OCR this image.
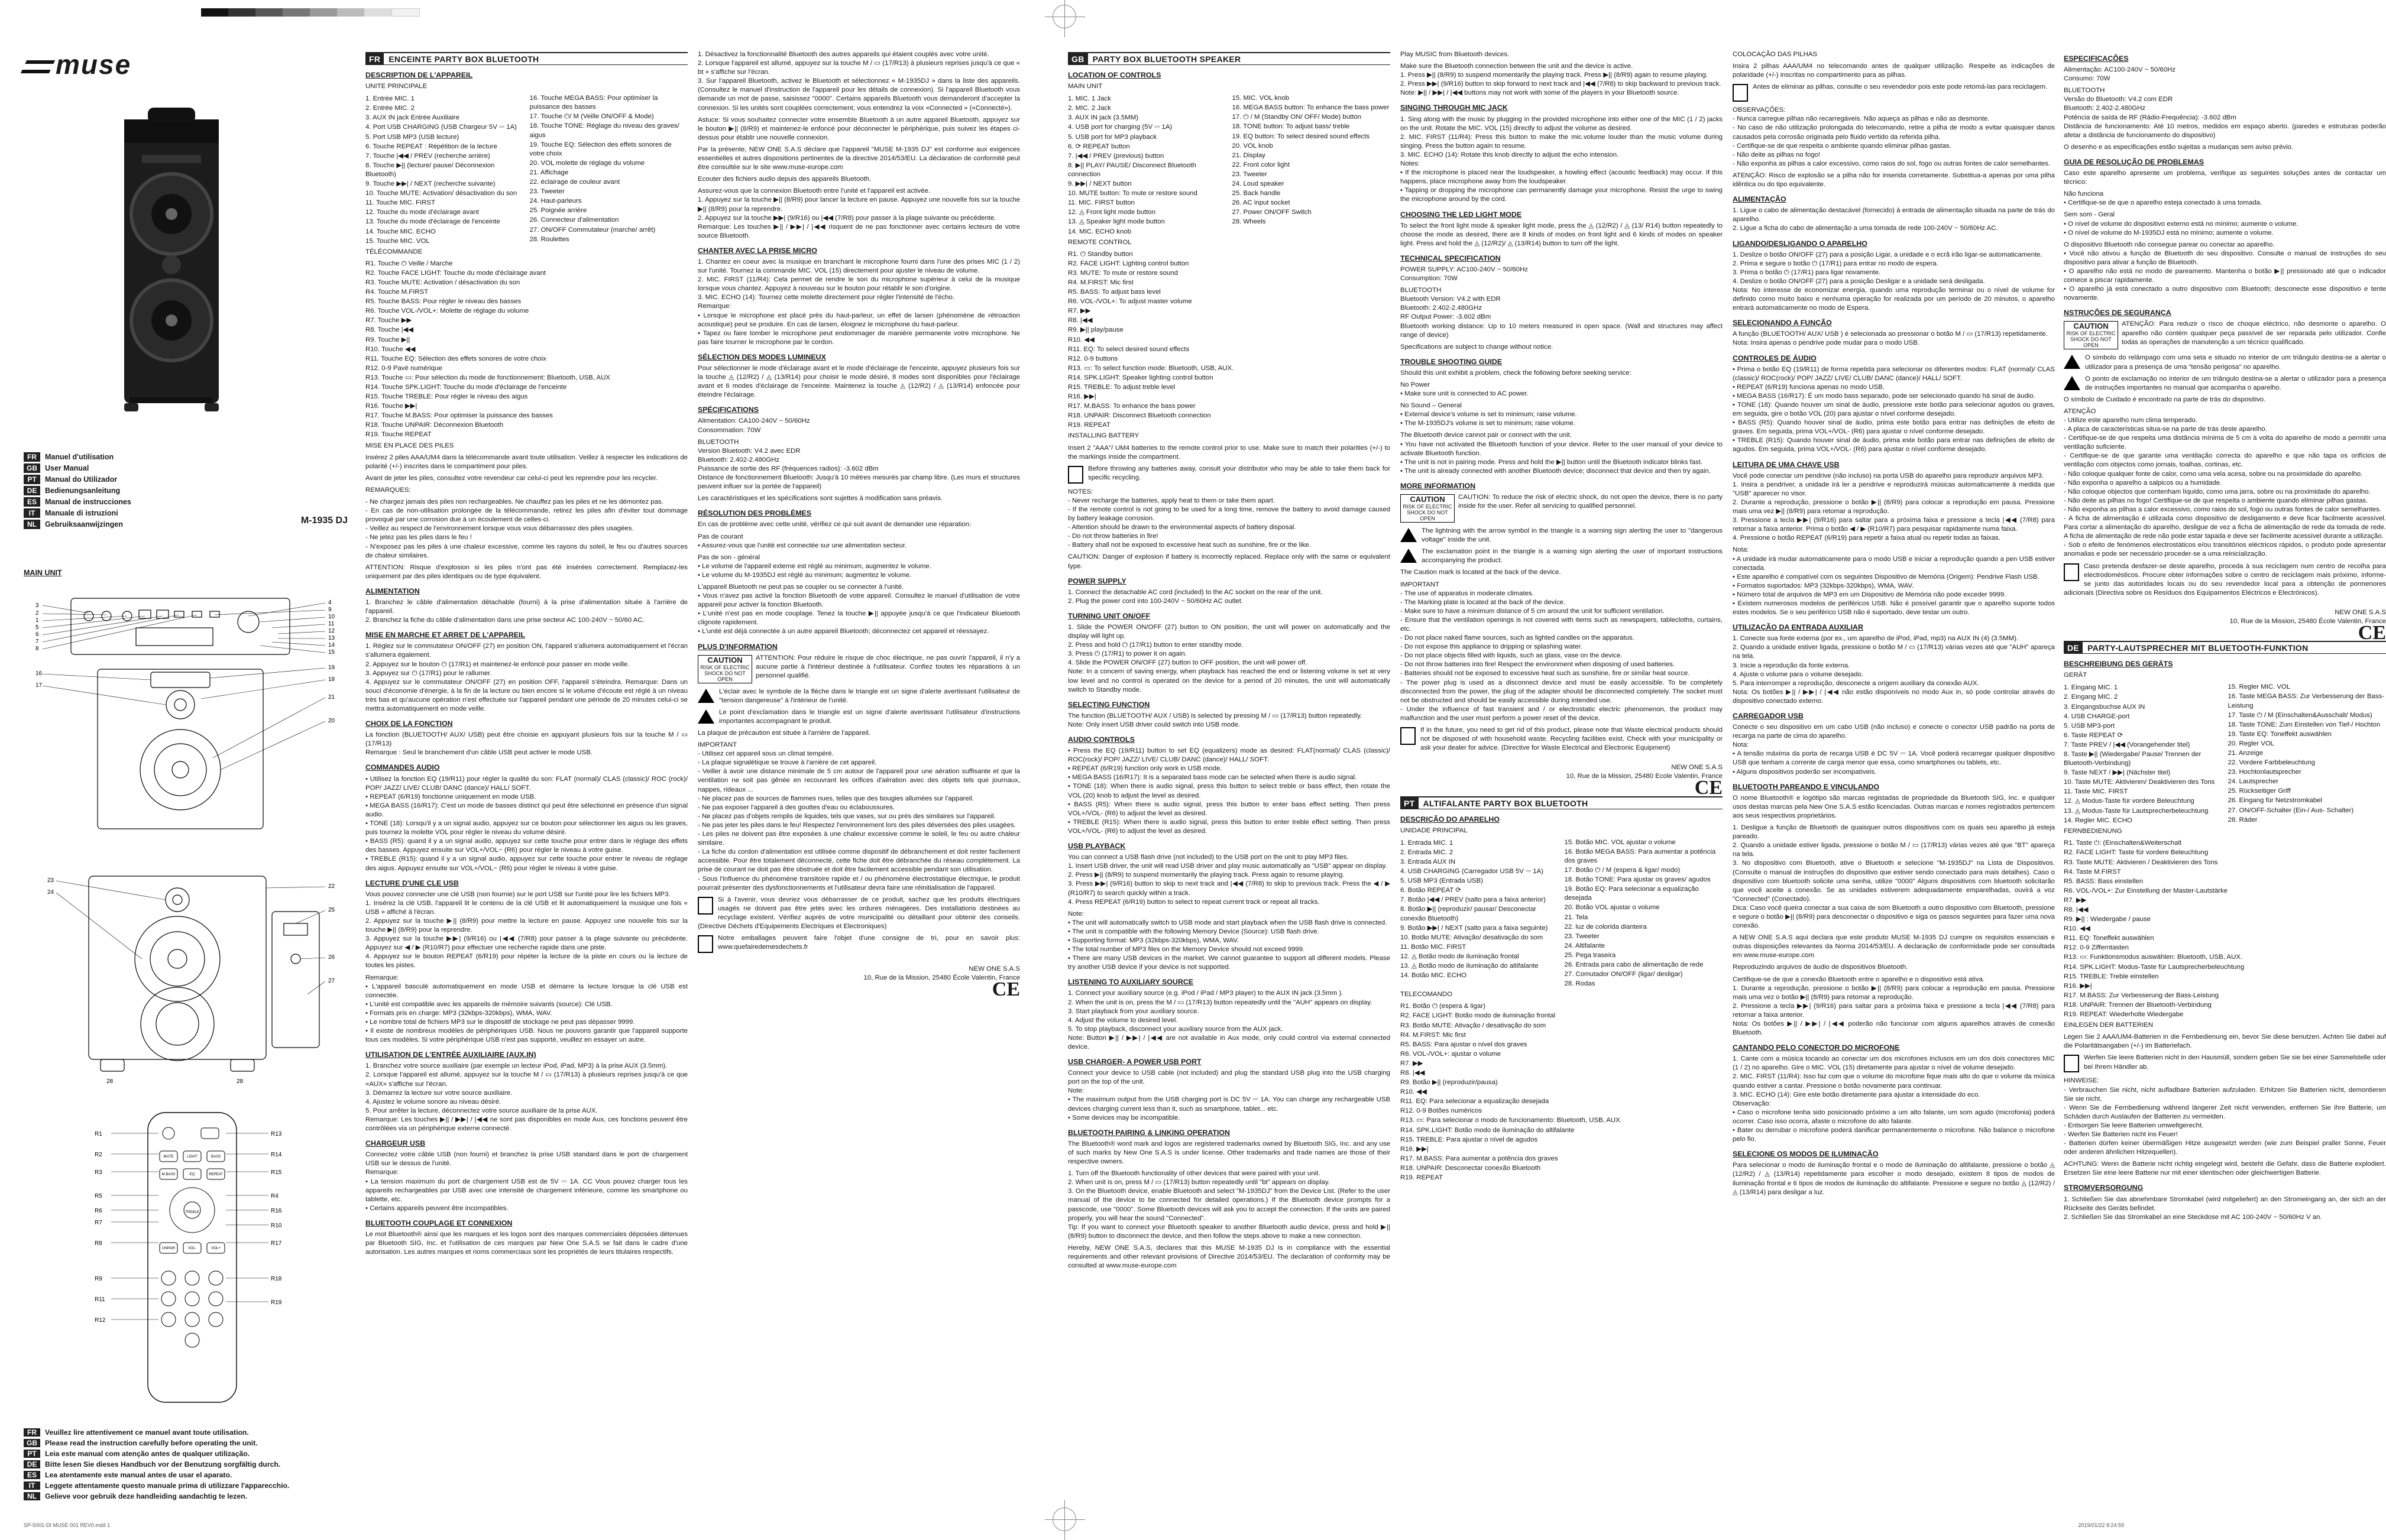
muse
FR	Manuel d'utilisation
GB	User Manual
PT	Manual do Utilizador
DE	Bedienungsanleitung
ES	Manual de instrucciones
IT	Manuale di istruzioni
NL	Gebruiksaanwijzingen	M-1935 DJ
MAIN UNIT
3
2
1
5
6
7
8
4
9
10
11
12
13
14
15
16
17
19
18
21
20
23
24
22
25
26
27
28	28
MUTE	LIGHT	BASS
M.BASS	EQ	REPEAT
UNPAIR	VOL-	VOL+
TREBLE
R1
R2
R3
R5
R6
R7
R8
R9
R11
R12
R13
R14
R15
R4
R16
R10
R17
R18
R19
FR	Veuillez lire attentivement ce manuel avant toute utilisation.
GB	Please read the instruction carefully before operating the unit.
PT	Leia este manual com atenção antes de qualquer utilização.
DE	Bitte lesen Sie dieses Handbuch vor der Benutzung sorgfältig durch.
ES	Lea atentamente este manual antes de usar el aparato.
IT	Leggete attentamente questo manuale prima di utilizzare l'apparecchio.
NL	Gelieve voor gebruik deze handleiding aandachtig te lezen.
FR ENCEINTE PARTY BOX BLUETOOTH
DESCRIPTION DE L'APPAREIL
UNITE PRINCIPALE
1. Entrée MIC. 1
2. Entrée MIC. 2
3. AUX IN jack Entrée Auxiliaire
4. Port USB CHARGING (USB Chargeur 5V ⎓ 1A)
5. Port USB MP3 (USB lecture)
6. Touche REPEAT : Répétition de la lecture
7. Touche |◀◀ / PREV (recherche arrière)
8. Touche ▶|| (lecture/ pause/ Déconnexion Bluetooth)
9. Touche ▶▶| / NEXT (recherche suivante)
10. Touche MUTE: Activation/ désactivation du son
11. Touche MIC. FIRST
12. Touche du mode d'éclairage avant
13. Touche du mode d'éclairage de l'enceinte
14. Touche MIC. ECHO
15. Touche MIC. VOL
16. Touche MEGA BASS: Pour optimiser la puissance des basses
17. Touche ⏻/ M (Veille ON/OFF & Mode)
18. Touche TONE: Réglage du niveau des graves/ aigus
19. Touche EQ: Sélection des effets sonores de votre choix
20. VOL molette de réglage du volume
21. Affichage
22. éclairage de couleur avant
23. Tweeter
24. Haut-parleurs
25. Poignée arrière
26. Connecteur d'alimentation
27. ON/OFF Commutateur (marche/ arrêt)
28. Roulettes
TÉLÉCOMMANDE
R1. Touche ⏻ Veille / Marche
R2. Touche FACE LIGHT: Touche du mode d'éclairage avant
R3. Touche MUTE: Activation / désactivation du son
R4. Touche M.FIRST
R5. Touche BASS: Pour régler le niveau des basses
R6. Touche VOL-/VOL+: Molette de réglage du volume
R7. Touche ▶▶
R8. Touche |◀◀
R9. Touche ▶||
R10. Touche ◀◀
R11. Touche EQ: Sélection des effets sonores de votre choix
R12. 0-9 Pavé numérique
R13. Touche ▭: Pour sélection du mode de fonctionnement: Bluetooth, USB, AUX
R14. Touche SPK.LIGHT: Touche du mode d'éclairage de l'enceinte
R15. Touche TREBLE: Pour régler le niveau des aigus
R16. Touche ▶▶|
R17. Touche M.BASS: Pour optimiser la puissance des basses
R18. Touche UNPAIR: Déconnexion Bluetooth
R19. Touche REPEAT
MISE EN PLACE DES PILES
Insérez 2 piles AAA/UM4 dans la télécommande avant toute utilisation. Veillez à respecter les indications de polarité (+/-) inscrites dans le compartiment pour piles.
Avant de jeter les piles, consultez votre revendeur car celui-ci peut les reprendre pour les recycler.
REMARQUES:
- Ne chargez jamais des piles non rechargeables. Ne chauffez pas les piles et ne les démontez pas.
- En cas de non-utilisation prolongée de la télécommande, retirez les piles afin d'éviter tout dommage provoqué par une corrosion due à un écoulement de celles-ci.
- Veillez au respect de l'environnement lorsque vous vous débarrassez des piles usagées.
- Ne jetez pas les piles dans le feu !
- N'exposez pas les piles à une chaleur excessive, comme les rayons du soleil, le feu ou d'autres sources de chaleur similaires.
ATTENTION: Risque d'explosion si les piles n'ont pas été insérées correctement. Remplacez-les uniquement par des piles identiques ou de type équivalent.
ALIMENTATION
1. Branchez le câble d'alimentation détachable (fourni) à la prise d'alimentation située à l'arrière de l'appareil.
2. Branchez la fiche du câble d'alimentation dans une prise secteur AC 100-240V ~ 50/60 AC.
MISE EN MARCHE ET ARRET DE L'APPAREIL
1. Réglez sur le commutateur ON/OFF (27) en position ON, l'appareil s'allumera automatiquement et l'écran s'allumera également.
2. Appuyez sur le bouton ⏻ (17/R1) et maintenez-le enfoncé pour passer en mode veille.
3. Appuyez sur ⏻ (17/R1) pour le rallumer.
4. Appuyez sur le commutateur ON/OFF (27) en position OFF, l'appareil s'éteindra. Remarque: Dans un souci d'économie d'énergie, à la fin de la lecture ou bien encore si le volume d'écoute est réglé à un niveau très bas et qu'aucune opération n'est effectuée sur l'appareil pendant une période de 20 minutes celui-ci se mettra automatiquement en mode veille.
CHOIX DE LA FONCTION
La fonction (BLUETOOTH/ AUX/ USB) peut être choisie en appuyant plusieurs fois sur la touche M / ▭ (17/R13)
Remarque : Seul le branchement d'un câble USB peut activer le mode USB.
COMMANDES AUDIO
• Utilisez la fonction EQ (19/R11) pour régler la qualité du son: FLAT (normal)/ CLAS (classic)/ ROC (rock)/ POP/ JAZZ/ LIVE/ CLUB/ DANC (dance)/ HALL/ SOFT.
• REPEAT (6/R19) fonctionne uniquement en mode USB.
• MEGA BASS (16/R17): C'est un mode de basses distinct qui peut être sélectionné en présence d'un signal audio.
• TONE (18): Lorsqu'il y a un signal audio, appuyez sur ce bouton pour sélectionner les aigus ou les graves, puis tournez la molette VOL pour régler le niveau du volume désiré.
• BASS (R5): quand il y a un signal audio, appuyez sur cette touche pour entrer dans le réglage des effets des basses. Appuyez ensuite sur VOL+/VOL− (R6) pour régler le niveau à votre guise.
• TREBLE (R15): quand il y a un signal audio, appuyez sur cette touche pour entrer le niveau de réglage des aigus. Appuyez ensuite sur VOL+/VOL− (R6) pour régler le niveau à votre guise.
LECTURE D'UNE CLE USB
Vous pouvez connecter une clé USB (non fournie) sur le port USB sur l'unité pour lire les fichiers MP3.
1. Insérez la clé USB, l'appareil lit le contenu de la clé USB et lit automatiquement la musique une fois « USB » affiché à l'écran.
2. Appuyez sur la touche ▶|| (8/R9) pour mettre la lecture en pause. Appuyez une nouvelle fois sur la touche ▶|| (8/R9) pour la reprendre.
3. Appuyez sur la touche ▶▶| (9/R16) ou |◀◀ (7/R8) pour passer à la plage suivante ou précédente. Appuyez sur ◀ / ▶ (R10/R7) pour effectuer une recherche rapide dans une piste.
4. Appuyez sur le bouton REPEAT (6/R19) pour répéter la lecture de la piste en cours ou la lecture de toutes les pistes.
Remarque:
• L'appareil basculé automatiquement en mode USB et démarre la lecture lorsque la clé USB est connectée.
• L'unité est compatible avec les appareils de mémoire suivants (source): Clé USB.
• Formats pris en charge: MP3 (32kbps-320kbps), WMA, WAV.
• Le nombre total de fichiers MP3 sur le dispositif de stockage ne peut pas dépasser 9999.
• Il existe de nombreux modèles de périphériques USB. Nous ne pouvons garantir que l'appareil supporte tous ces modèles. Si votre périphérique USB n'est pas supporté, veuillez en essayer un autre.
UTILISATION DE L'ENTRÉE AUXILIAIRE (AUX.IN)
1. Branchez votre source auxiliaire (par exemple un lecteur iPod, iPad, MP3) à la prise AUX (3.5mm).
2. Lorsque l'appareil est allumé, appuyez sur la touche M / ▭ (17/R13) à plusieurs reprises jusqu'à ce que «AUX» s'affiche sur l'écran.
3. Démarrez la lecture sur votre source auxiliaire.
4. Ajustez le volume sonore au niveau désiré.
5. Pour arrêter la lecture, déconnectez votre source auxiliaire de la prise AUX.
Remarque: Les touches ▶|| / ▶▶| / |◀◀ ne sont pas disponibles en mode Aux, ces fonctions peuvent être contrôlées via un périphérique externe connecté.
CHARGEUR USB
Connectez votre câble USB (non fourni) et branchez la prise USB standard dans le port de chargement USB sur le dessus de l'unité.
Remarque:
• La tension maximum du port de chargement USB est de 5V ⎓ 1A. CC Vous pouvez charger tous les appareils rechargeables par USB avec une intensité de chargement inférieure, comme les smartphone ou tablette, etc.
• Certains appareils peuvent être incompatibles.
BLUETOOTH COUPLAGE ET CONNEXION
Le mot Bluetooth® ainsi que les marques et les logos sont des marques commerciales déposées détenues par Bluetooth SIG, Inc. et l'utilisation de ces marques par New One S.A.S se fait dans le cadre d'une autorisation. Les autres marques et noms commerciaux sont les propriétés de leurs titulaires respectifs.
1. Désactivez la fonctionnalité Bluetooth des autres appareils qui étaient couplés avec votre unité.
2. Lorsque l'appareil est allumé, appuyez sur la touche M / ▭ (17/R13) à plusieurs reprises jusqu'à ce que « bt » s'affiche sur l'écran.
3. Sur l'appareil Bluetooth, activez le Bluetooth et sélectionnez « M-1935DJ » dans la liste des appareils. (Consultez le manuel d'instruction de l'appareil pour les détails de connexion). Si l'appareil Bluetooth vous demande un mot de passe, saisissez "0000". Certains appareils Bluetooth vous demanderont d'accepter la connexion. Si les unités sont couplées correctement, vous entendrez la voix «Connected » («Connecté»).
Astuce: Si vous souhaitez connecter votre ensemble Bluetooth à un autre appareil Bluetooth, appuyez sur le bouton ▶|| (8/R9) et maintenez-le enfoncé pour déconnecter le périphérique, puis suivez les étapes ci-dessus pour établir une nouvelle connexion.
Par la présente, NEW ONE S.A.S déclare que l'appareil "MUSE M-1935 DJ" est conforme aux exigences essentielles et autres dispositions pertinentes de la directive 2014/53/EU. La déclaration de conformité peut être consultée sur le site www.muse-europe.com
Ecouter des fichiers audio depuis des appareils Bluetooth.
Assurez-vous que la connexion Bluetooth entre l'unité et l'appareil est activée.
1. Appuyez sur la touche ▶|| (8/R9) pour lancer la lecture en pause. Appuyez une nouvelle fois sur la touche ▶|| (8/R9) pour la reprendre.
2. Appuyez sur la touche ▶▶| (9/R16) ou |◀◀ (7/R8) pour passer à la plage suivante ou précédente.
Remarque: Les touches ▶|| / ▶▶| / |◀◀ risquent de ne pas fonctionner avec certains lecteurs de votre source Bluetooth.
CHANTER AVEC LA PRISE MICRO
1. Chantez en coeur avec la musique en branchant le microphone fourni dans l'une des prises MIC (1 / 2) sur l'unité. Tournez la commande MIC. VOL (15) directement pour ajuster le niveau de volume.
2. MIC. FIRST (11/R4): Cela permet de rendre le son du microphone supérieur à celui de la musique lorsque vous chantez. Appuyez à nouveau sur le bouton pour rétablir le son d'origine.
3. MIC. ECHO (14): Tournez cette molette directement pour régler l'intensité de l'écho.
Remarque:
• Lorsque le microphone est placé près du haut-parleur, un effet de larsen (phénomène de rétroaction acoustique) peut se produire. En cas de larsen, éloignez le microphone du haut-parleur.
• Tapez ou faire tomber le microphone peut endommager de manière permanente votre microphone. Ne pas faire tourner le microphone par le cordon.
SÉLECTION DES MODES LUMINEUX
Pour sélectionner le mode d'éclairage avant et le mode d'éclairage de l'enceinte, appuyez plusieurs fois sur la touche ◬ (12/R2) / ◬ (13/R14) pour choisir le mode désiré, 8 modes sont disponibles pour l'éclairage avant et 6 modes d'éclairage de l'enceinte. Maintenez la touche ◬ (12/R2) / ◬ (13/R14) enfoncée pour éteindre l'éclairage.
SPÉCIFICATIONS
Alimentation: CA100-240V ~ 50/60Hz
Consommation: 70W
BLUETOOTH
Version Bluetooth: V4.2 avec EDR
Bluetooth: 2.402-2.480GHz
Puissance de sortie des RF (fréquences radios): -3.602 dBm
Distance de fonctionnement Bluetooth: Jusqu'à 10 mètres mesurés par champ libre. (Les murs et structures peuvent influer sur la portée de l'appareil)
Les caractéristiques et les spécifications sont sujettes à modification sans préavis.
RÉSOLUTION DES PROBLÈMES
En cas de problème avec cette unité, vérifiez ce qui suit avant de demander une réparation:
Pas de courant
• Assurez-vous que l'unité est connectée sur une alimentation secteur.
Pas de son - général
• Le volume de l'appareil externe est réglé au minimum, augmentez le volume.
• Le volume du M-1935DJ est réglé au minimum; augmentez le volume.
L'appareil Bluetooth ne peut pas se coupler ou se connecter à l'unité.
• Vous n'avez pas activé la fonction Bluetooth de votre appareil. Consultez le manuel d'utilisation de votre appareil pour activer la fonction Bluetooth.
• L'unité n'est pas en mode couplage. Tenez la touche ▶|| appuyée jusqu'à ce que l'indicateur Bluetooth clignote rapidement.
• L'unité est déjà connectée à un autre appareil Bluetooth; déconnectez cet appareil et réessayez.
PLUS D'INFORMATION
CAUTION
RISK OF ELECTRIC SHOCK DO NOT OPEN
ATTENTION: Pour réduire le risque de choc électrique, ne pas ouvrir l'appareil, il n'y a aucune partie à l'intérieur destinée à l'utilisateur. Confiez toutes les réparations à un personnel qualifié.
L'éclair avec le symbole de la flèche dans le triangle est un signe d'alerte avertissant l'utilisateur de "tension dangereuse" à l'intérieur de l'unité.
Le point d'exclamation dans le triangle est un signe d'alerte avertissant l'utilisateur d'instructions importantes accompagnant le produit.
La plaque de précaution est située à l'arrière de l'appareil.
IMPORTANT
- Utilisez cet appareil sous un climat tempéré.
- La plaque signalétique se trouve à l'arrière de cet appareil.
- Veiller à avoir une distance minimale de 5 cm autour de l'appareil pour une aération suffisante et que la ventilation ne soit pas gênée en recouvrant les orifices d'aération avec des objets tels que journaux, nappes, rideaux ...
- Ne placez pas de sources de flammes nues, telles que des bougies allumées sur l'appareil.
- Ne pas exposer l'appareil à des gouttes d'eau ou éclaboussures.
- Ne placez pas d'objets remplis de liquides, tels que vases, sur ou près des similaires sur l'appareil.
- Ne pas jeter les piles dans le feu! Respectez l'environnement lors des piles déversées des piles usagées.
- Les piles ne doivent pas être exposées à une chaleur excessive comme le soleil, le feu ou autre chaleur similaire.
- La fiche du cordon d'alimentation est utilisée comme dispositif de débranchement et doit rester facilement accessible. Pour être totalement déconnecté, cette fiche doit être débranchée du réseau complètement. La prise de courant ne doit pas être obstruée et doit être facilement accessible pendant son utilisation.
- Sous l'influence du phénomène transitoire rapide et / ou phénomène électrostatique électrique, le produit pourrait présenter des dysfonctionnements et l'utilisateur devra faire une réinitialisation de l'appareil.
Si à l'avenir, vous devriez vous débarrasser de ce produit, sachez que les produits électriques usagés ne doivent pas être jetés avec les ordures ménagères. Des installations destinées au recyclage existent. Vérifiez auprès de votre municipalité ou détaillant pour obtenir des conseils. (Directive Déchets d'Equipements Electriques et Electroniques)
Notre emballages peuvent faire l'objet d'une consigne de tri, pour en savoir plus: www.quefairedemesdechets.fr
NEW ONE S.A.S
10, Rue de la Mission, 25480 École Valentin, France
CE
GB PARTY BOX BLUETOOTH SPEAKER
LOCATION OF CONTROLS
MAIN UNIT
1. MIC. 1 Jack
2. MIC. 2 Jack
3. AUX IN jack (3.5MM)
4. USB port for charging (5V ⎓ 1A)
5. USB port for MP3 playback
6. ⟳ REPEAT button
7. |◀◀ / PREV (previous) button
8. ▶|| PLAY/ PAUSE/ Disconnect Bluetooth connection
9. ▶▶| / NEXT button
10. MUTE button: To mute or restore sound
11. MIC. FIRST button
12. ◬ Front light mode button
13. ◬ Speaker light mode button
14. MIC. ECHO knob
15. MIC. VOL knob
16. MEGA BASS button: To enhance the bass power
17. ⏻ / M (Standby ON/ OFF/ Mode) button
18. TONE button: To adjust bass/ treble
19. EQ button: To select desired sound effects
20. VOL knob
21. Display
22. Front color light
23. Tweeter
24. Loud speaker
25. Back handle
26. AC input socket
27. Power ON/OFF Switch
28. Wheels
REMOTE CONTROL
R1. ⏻ Standby button
R2. FACE LIGHT: Lighting control button
R3. MUTE: To mute or restore sound
R4. M.FIRST: Mic first
R5. BASS: To adjust bass level
R6. VOL-/VOL+: To adjust master volume
R7. ▶▶
R8. |◀◀
R9. ▶|| play/pause
R10. ◀◀
R11. EQ: To select desired sound effects
R12. 0-9 buttons
R13. ▭: To select function mode: Bluetooth, USB, AUX.
R14. SPK.LIGHT: Speaker lighting control button
R15. TREBLE: To adjust treble level
R16. ▶▶|
R17. M.BASS: To enhance the bass power
R18. UNPAIR: Disconnect Bluetooth connection
R19. REPEAT
INSTALLING BATTERY
Insert 2 "AAA"/ UM4 batteries to the remote control prior to use. Make sure to match their polarities (+/-) to the markings inside the compartment.
Before throwing any batteries away, consult your distributor who may be able to take them back for specific recycling.
NOTES:
- Never recharge the batteries, apply heat to them or take them apart.
- If the remote control is not going to be used for a long time, remove the battery to avoid damage caused by battery leakage corrosion.
- Attention should be drawn to the environmental aspects of battery disposal.
- Do not throw batteries in fire!
- Battery shall not be exposed to excessive heat such as sunshine, fire or the like.
CAUTION: Danger of explosion if battery is incorrectly replaced. Replace only with the same or equivalent type.
POWER SUPPLY
1. Connect the detachable AC cord (included) to the AC socket on the rear of the unit.
2. Plug the power cord into 100-240V ~ 50/60Hz AC outlet.
TURNING UNIT ON/OFF
1. Slide the POWER ON/OFF (27) button to ON position, the unit will power on automatically and the display will light up.
2. Press and hold ⏻ (17/R1) button to enter standby mode.
3. Press ⏻ (17/R1) to power it on again.
4. Slide the POWER ON/OFF (27) button to OFF position, the unit will power off.
Note: In a concern of saving energy, when playback has reached the end or listening volume is set at very low level and no control is operated on the device for a period of 20 minutes, the unit will automatically switch to Standby mode.
SELECTING FUNCTION
The function (BLUETOOTH/ AUX / USB) is selected by pressing M / ▭ (17/R13) button repeatedly.
Note: Only insert USB driver could switch into USB mode.
AUDIO CONTROLS
• Press the EQ (19/R11) button to set EQ (equalizers) mode as desired: FLAT(normal)/ CLAS (classic)/ ROC(rock)/ POP/ JAZZ/ LIVE/ CLUB/ DANC (dance)/ HALL/ SOFT.
• REPEAT (6/R19) function only work in USB mode.
• MEGA BASS (16/R17): It is a separated bass mode can be selected when there is audio signal.
• TONE (18): When there is audio signal, press this button to select treble or bass effect, then rotate the VOL (20) knob to adjust the level as desired.
• BASS (R5): When there is audio signal, press this button to enter bass effect setting. Then press VOL+/VOL- (R6) to adjust the level as desired.
• TREBLE (R15): When there is audio signal, press this button to enter treble effect setting. Then press VOL+/VOL- (R6) to adjust the level as desired.
USB PLAYBACK
You can connect a USB flash drive (not included) to the USB port on the unit to play MP3 files.
1. Insert USB driver, the unit will read USB driver and play music automatically as "USB" appear on display.
2. Press ▶|| (8/R9) to suspend momentarily the playing track. Press again to resume playing.
3. Press ▶▶| (9/R16) button to skip to next track and |◀◀ (7/R8) to skip to previous track. Press the ◀ / ▶ (R10/R7) to search quickly within a track.
4. Press REPEAT (6/R19) button to select to repeat current track or repeat all tracks.
Note:
• The unit will automatically switch to USB mode and start playback when the USB flash drive is connected.
• The unit is compatible with the following Memory Device (Source): USB flash drive.
• Supporting format: MP3 (32kbps-320kbps), WMA, WAV.
• The total number of MP3 files on the Memory Device should not exceed 9999.
• There are many USB devices in the market. We cannot guarantee to support all different models. Please try another USB device if your device is not supported.
LISTENING TO AUXILIARY SOURCE
1. Connect your auxiliary source (e.g. iPod / iPad / MP3 player) to the AUX IN jack (3.5mm ).
2. When the unit is on, press the M / ▭ (17/R13) button repeatedly until the "AUH" appears on display.
3. Start playback from your auxiliary source.
4. Adjust the volume to desired level.
5. To stop playback, disconnect your auxiliary source from the AUX jack.
Note: Button ▶|| / ▶▶| / |◀◀ are not available in Aux mode, only could control via external connected device.
USB CHARGER- A POWER USB PORT
Connect your device to USB cable (not included) and plug the standard USB plug into the USB charging port on the top of the unit.
Note:
• The maximum output from the USB charging port is DC 5V ⎓ 1A. You can charge any rechargeable USB devices charging current less than it, such as smartphone, tablet... etc.
• Some devices may be incompatible.
BLUETOOTH PAIRING & LINKING OPERATION
The Bluetooth® word mark and logos are registered trademarks owned by Bluetooth SIG, Inc. and any use of such marks by New One S.A.S is under license. Other trademarks and trade names are those of their respective owners.
1. Turn off the Bluetooth functionality of other devices that were paired with your unit.
2. When unit is on, press M / ▭ (17/R13) button repeatedly until "bt" appears on display.
3. On the Bluetooth device, enable Bluetooth and select "M-1935DJ" from the Device List. (Refer to the user manual of the device to be connected for detailed operations.) If the Bluetooth device prompts for a passcode, use "0000". Some Bluetooth devices will ask you to accept the connection. If the units are paired properly, you will hear the sound "Connected".
Tip: If you want to connect your Bluetooth speaker to another Bluetooth audio device, press and hold ▶|| (8/R9) button to disconnect the device, and then follow the steps above to make a new connection.
Hereby, NEW ONE S.A.S, declares that this MUSE M-1935 DJ is in compliance with the essential requirements and other relevant provisions of Directive 2014/53/EU. The declaration of conformity may be consulted at www.muse-europe.com
Play MUSIC from Bluetooth devices.
Make sure the Bluetooth connection between the unit and the device is active.
1. Press ▶|| (8/R9) to suspend momentarily the playing track. Press ▶|| (8/R9) again to resume playing.
2. Press ▶▶| (9/R16) button to skip forward to next track and |◀◀ (7/R8) to skip backward to previous track.
Note: ▶|| / ▶▶| / |◀◀ buttons may not work with some of the players in your Bluetooth source.
SINGING THROUGH MIC JACK
1. Sing along with the music by plugging in the provided microphone into either one of the MIC (1 / 2) jacks on the unit. Rotate the MIC. VOL (15) directly to adjust the volume as desired.
2. MIC. FIRST (11/R4): Press this button to make the mic.volume louder than the music volume during singing. Press the button again to resume.
3. MIC. ECHO (14): Rotate this knob directly to adjust the echo intension.
Notes:
• If the microphone is placed near the loudspeaker, a howling effect (acoustic feedback) may occur. If this happens, place microphone away from the loudspeaker.
• Tapping or dropping the microphone can permanently damage your microphone. Resist the urge to swing the microphone around by the cord.
CHOOSING THE LED LIGHT MODE
To select the front light mode & speaker light mode, press the ◬ (12/R2) / ◬ (13/ R14) button repeatedly to choose the mode as desired, there are 8 kinds of modes on front light and 6 kinds of modes on speaker light. Press and hold the ◬ (12/R2)/ ◬ (13/R14) button to turn off the light.
TECHNICAL SPECIFICATION
POWER SUPPLY: AC100-240V ~ 50/60Hz
Consumption: 70W
BLUETOOTH
Bluetooth Version: V4.2 with EDR
Bluetooth: 2.402-2.480GHz
RF Output Power: -3.602 dBm
Bluetooth working distance: Up to 10 meters measured in open space. (Wall and structures may affect range of device)
Specifications are subject to change without notice.
TROUBLE SHOOTING GUIDE
Should this unit exhibit a problem, check the following before seeking service:
No Power
• Make sure unit is connected to AC power.
No Sound – General
• External device's volume is set to minimum; raise volume.
• The M-1935DJ's volume is set to minimum; raise volume.
The Bluetooth device cannot pair or connect with the unit.
• You have not activated the Bluetooth function of your device. Refer to the user manual of your device to activate Bluetooth function.
• The unit is not in pairing mode. Press and hold the ▶|| button until the Bluetooth indicator blinks fast.
• The unit is already connected with another Bluetooth device; disconnect that device and then try again.
MORE INFORMATION
CAUTION
RISK OF ELECTRIC SHOCK DO NOT OPEN
CAUTION: To reduce the risk of electric shock, do not open the device, there is no party inside for the user. Refer all servicing to qualified personnel.
The lightning with the arrow symbol in the triangle is a warning sign alerting the user to "dangerous voltage" inside the unit.
The exclamation point in the triangle is a warning sign alerting the user of important instructions accompanying the product.
The Caution mark is located at the back of the device.
IMPORTANT
- The use of apparatus in moderate climates.
- The Marking plate is located at the back of the device.
- Make sure to have a minimum distance of 5 cm around the unit for sufficient ventilation.
- Ensure that the ventilation openings is not covered with items such as newspapers, tablecloths, curtains, etc.
- Do not place naked flame sources, such as lighted candles on the apparatus.
- Do not expose this appliance to dripping or splashing water.
- Do not place objects filled with liquids, such as glass, vase on the device.
- Do not throw batteries into fire! Respect the environment when disposing of used batteries.
- Batteries should not be exposed to excessive heat such as sunshine, fire or similar heat source.
- The power plug is used as a disconnect device and must be easily accessible. To be completely disconnected from the power, the plug of the adapter should be disconnected completely. The socket must not be obstructed and should be easily accessible during intended use.
- Under the influence of fast transient and / or electrostatic electric phenomenon, the product may malfunction and the user must perform a power reset of the device.
If in the future, you need to get rid of this product, please note that Waste electrical products should not be disposed of with household waste. Recycling facilities exist. Check with your municipality or ask your dealer for advice. (Directive for Waste Electrical and Electronic Equipment)
NEW ONE S.A.S
10, Rue de la Mission, 25480 Ecole Valentin, France
CE
PT ALTIFALANTE PARTY BOX BLUETOOTH
DESCRIÇÃO DO APARELHO
UNIDADE PRINCIPAL
1. Entrada MIC. 1
2. Entrada MIC. 2
3. Entrada AUX IN
4. USB CHARGING (Carregador USB 5V ⎓ 1A)
5. USB MP3 (Entrada USB)
6. Botão REPEAT ⟳
7. Botão |◀◀ / PREV (salto para a faixa anterior)
8. Botão ▶|| (reproduzir/ pausar/ Desconectar conexão Bluetooth)
9. Botão ▶▶| / NEXT (salto para a faixa seguinte)
10. Botão MUTE: Ativação/ desativação do som
11. Botão MIC. FIRST
12. ◬ Botão modo de iluminação frontal
13. ◬ Botão modo de iluminação do altifalante
14. Botão MIC. ECHO
15. Botão MIC. VOL ajustar o volume
16. Botão MEGA BASS: Para aumentar a potência dos graves
17. Botão ⏻ / M (espera & ligar/ modo)
18. Botão TONE: Para ajustar os graves/ agudos
19. Botão EQ: Para selecionar a equalização desejada
20. Botão VOL ajustar o volume
21. Tela
22. luz de colorida dianteira
23. Tweeter
24. Altifalante
25. Pega traseira
26. Entrada para cabo de alimentação de rede
27. Comutador ON/OFF (ligar/ desligar)
28. Rodas
TELECOMANDO
R1. Botão ⏻ (espera & ligar)
R2. FACE LIGHT: Botão modo de iluminação frontal
R3. Botão MUTE: Ativação / desativação do som
R4. M.FIRST: Mic first
R5. BASS: Para ajustar o nível dos graves
R6. VOL-/VOL+: ajustar o volume
R7. ▶▶
R8. |◀◀
R9. Botão ▶|| (reproduzir/pausa)
R10. ◀◀
R11. EQ: Para selecionar a equalização desejada
R12. 0-9 Botões numéricos
R13. ▭: Para selecionar o modo de funcionamento: Bluetooth, USB, AUX.
R14. SPK.LIGHT: Botão modo de iluminação do altifalante
R15. TREBLE: Para ajustar o nível de agudos
R16. ▶▶|
R17. M.BASS: Para aumentar a potência dos graves
R18. UNPAIR: Desconectar conexão Bluetooth
R19. REPEAT
COLOCAÇÃO DAS PILHAS
Insira 2 pilhas AAA/UM4 no telecomando antes de qualquer utilização. Respeite as indicações de polaridade (+/-) inscritas no compartimento para as pilhas.
Antes de eliminar as pilhas, consulte o seu revendedor pois este pode retomá-las para reciclagem.
OBSERVAÇÕES:
- Nunca carregue pilhas não recarregáveis. Não aqueça as pilhas e não as desmonte.
- No caso de não utilização prolongada do telecomando, retire a pilha de modo a evitar quaisquer danos causados pela corrosão originada pelo fluido vertido da referida pilha.
- Certifique-se de que respeita o ambiente quando eliminar pilhas gastas.
- Não deite as pilhas no fogo!
- Não exponha as pilhas a calor excessivo, como raios do sol, fogo ou outras fontes de calor semelhantes.
ATENÇÃO: Risco de explosão se a pilha não for inserida corretamente. Substitua-a apenas por uma pilha idêntica ou do tipo equivalente.
ALIMENTAÇÃO
1. Ligue o cabo de alimentação destacável (fornecido) à entrada de alimentação situada na parte de trás do aparelho.
2. Ligue a ficha do cabo de alimentação a uma tomada de rede 100-240V ~ 50/60Hz AC.
LIGANDO/DESLIGANDO O APARELHO
1. Deslize o botão ON/OFF (27) para a posição Ligar, a unidade e o ecrã irão ligar-se automaticamente.
2. Prima e segure o botão ⏻ (17/R1) para entrar no modo de espera.
3. Prima o botão ⏻ (17/R1) para ligar novamente.
4. Deslize o botão ON/OFF (27) para a posição Desligar e a unidade será desligada.
Nota: No interesse de economizar energia, quando uma reprodução terminar ou o nível de volume for definido como muito baixo e nenhuma operação for realizada por um período de 20 minutos, o aparelho entrará automaticamente no modo de Espera.
SELECIONANDO A FUNÇÃO
A função (BLUETOOTH/ AUX/ USB ) é selecionada ao pressionar o botão M / ▭ (17/R13) repetidamente.
Nota: Insira apenas o pendrive pode mudar para o modo USB.
CONTROLES DE ÁUDIO
• Prima o botão EQ (19/R11) de forma repetida para selecionar os diferentes modos: FLAT (normal)/ CLAS (classic)/ ROC(rock)/ POP/ JAZZ/ LIVE/ CLUB/ DANC (dance)/ HALL/ SOFT.
• REPEAT (6/R19) funciona apenas no modo USB.
• MEGA BASS (16/R17): É um modo bass separado, pode ser selecionado quando há sinal de áudio.
• TONE (18): Quando houver um sinal de áudio, pressione este botão para selecionar agudos ou graves, em seguida, gire o botão VOL (20) para ajustar o nível conforme desejado.
• BASS (R5): Quando houver sinal de áudio, prima este botão para entrar nas definições de efeito de graves. Em seguida, prima VOL+/VOL- (R6) para ajustar o nível conforme desejado.
• TREBLE (R15): Quando houver sinal de áudio, prima este botão para entrar nas definições de efeito de agudos. Em seguida, prima VOL+/VOL- (R6) para ajustar o nível conforme desejado.
LEITURA DE UMA CHAVE USB
Você pode conectar um pendrive (não incluso) na porta USB do aparelho para reproduzir arquivos MP3.
1. Insira a pendriver, a unidade irá ler a pendrive e reproduzirá músicas automaticamente à medida que "USB" aparecer no visor.
2. Durante a reprodução, pressione o botão ▶|| (8/R9) para colocar a reprodução em pausa. Pressione mais uma vez ▶|| (8/R9) para retomar a reprodução.
3. Pressione a tecla ▶▶| (9/R16) para saltar para a próxima faixa e pressione a tecla |◀◀ (7/R8) para retornar a faixa anterior. Prima o botão ◀ / ▶ (R10/R7) para pesquisar rapidamente numa faixa.
4. Pressione o botão REPEAT (6/R19) para repetir a faixa atual ou repetir todas as faixas.
Nota:
• A unidade irá mudar automaticamente para o modo USB e iniciar a reprodução quando a pen USB estiver conectada.
• Este aparelho é compatível com os seguintes Dispositivo de Memória (Origem): Pendrive Flash USB.
• Formatos suportados: MP3 (32kbps-320kbps), WMA, WAV.
• Número total de arquivos de MP3 em um Dispositivo de Memória não pode exceder 9999.
• Existem numerosos modelos de periféricos USB. Não é possível garantir que o aparelho suporte todos estes modelos. Se o seu periférico USB não é suportado, deve testar um outro.
UTILIZAÇÃO DA ENTRADA AUXILIAR
1. Conecte sua fonte externa (por ex., um aparelho de iPod, iPad, mp3) na AUX IN (4) (3.5MM).
2. Quando a unidade estiver ligada, pressione o botão M / ▭ (17/R13) várias vezes até que "AUH" apareça na tela.
3. Inicie a reprodução da fonte externa.
4. Ajuste o volume para o volume desejado.
5. Para interromper a reprodução, desconecte a origem auxiliary da conexão AUX.
Nota: Os botões ▶|| / ▶▶| / |◀◀ não estão disponíveis no modo Aux in, só pode controlar através do dispositivo conectado externo.
CARREGADOR USB
Conecte o seu dispositivo em um cabo USB (não incluso) e conecte o conector USB padrão na porta de recarga na parte de cima do aparelho.
Nota:
• A tensão máxima da porta de recarga USB é DC 5V ⎓ 1A. Você poderá recarregar qualquer dispositivo USB que tenham a corrente de carga menor que essa, como smartphones ou tablets, etc.
• Alguns dispositivos poderão ser incompatíveis.
BLUETOOTH PAREANDO E VINCULANDO
O nome Bluetooth® e logótipo são marcas registadas de propriedade da Bluetooth SIG, Inc. e qualquer usos destas marcas pela New One S.A.S estão licenciadas. Outras marcas e nomes registrados pertencem aos seus respectivos proprietários.
1. Desligue a função de Bluetooth de quaisquer outros dispositivos com os quais seu aparelho já esteja pareado.
2. Quando a unidade estiver ligada, pressione o botão M / ▭ (17/R13) várias vezes até que "BT" apareça na tela.
3. No dispositivo com Bluetooth, ative o Bluetooth e selecione "M-1935DJ" na Lista de Dispositivos. (Consulte o manual de instruções do dispositivo que estiver sendo conectado para mais detalhes). Caso o dispositivo com bluetooth solicite uma senha, utilize "0000" Alguns dispositivos com bluetooth solicitarão que você aceite a conexão. Se as unidades estiverem adequadamente emparelhadas, ouvirá a voz "Connected" (Conectado).
Dica: Caso você queira conectar a sua caixa de som Bluetooth a outro dispositivo com Bluetooth, pressione e segure o botão ▶|| (8/R9) para desconectar o dispositivo e siga os passos seguintes para fazer uma nova conexão.
A NEW ONE S.A.S aqui declara que este produto MUSE M-1935 DJ cumpre os requisitos essenciais e outras disposições relevantes da Norma 2014/53/EU. A declaração de conformidade pode ser consultada em www.muse-europe.com
Reproduzindo arquivos de áudio de dispositivos Bluetooth.
Certifique-se de que a conexão Bluetooth entre o aparelho e o dispositivo está ativa.
1. Durante a reprodução, pressione o botão ▶|| (8/R9) para colocar a reprodução em pausa. Pressione mais uma vez o botão ▶|| (8/R9) para retomar a reprodução.
2. Pressione a tecla ▶▶| (9/R16) para saltar para a próxima faixa e pressione a tecla |◀◀ (7/R8) para retornar a faixa anterior.
Nota: Os botões ▶|| / ▶▶| / |◀◀ poderão não funcionar com alguns aparelhos através de conexão Bluetooth.
CANTANDO PELO CONECTOR DO MICROFONE
1. Cante com a música tocando ao conectar um dos microfones inclusos em um dos dois conectores MIC (1 / 2) no aparelho. Gire o MIC. VOL (15) diretamente para ajustar o nível de volume desejado.
2. MIC. FIRST (11/R4): Isso faz com que o volume do microfone fique mais alto do que o volume da música quando estiver a cantar. Pressione o botão novamente para continuar.
3. MIC. ECHO (14): Gire este botão diretamente para ajustar a intensidade do eco.
Observação:
• Caso o microfone tenha sido posicionado próximo a um alto falante, um som agudo (microfonia) poderá ocorrer. Caso isso ocorra, afaste o microfone do alto falante.
• Bater ou derrubar o microfone poderá danificar permanentemente o microfone. Não balance o microfone pelo fio.
SELECIONE OS MODOS DE ILUMINAÇÃO
Para selecionar o modo de iluminação frontal e o modo de iluminação do altifalante, pressione o botão ◬ (12/R2) / ◬ (13/R14) repetidamente para escolher o modo desejado, existem 8 tipos de modos de iluminação frontal e 6 tipos de modos de iluminação do altifalante. Pressione e segure no botão ◬ (12/R2) / ◬ (13/R14) para desligar a luz.
ESPECIFICAÇÕES
Alimentação: AC100-240V ~ 50/60Hz
Consumo: 70W
BLUETOOTH
Versão do Bluetooth: V4.2 com EDR
Bluetooth: 2.402-2.480GHz
Potência de saída de RF (Rádio-Frequência): -3.602 dBm
Distância de funcionamento: Até 10 metros, medidos em espaço aberto. (paredes e estruturas poderão afetar a distância de funcionamento do dispositivo)
O desenho e as especificações estão sujeitas a mudanças sem aviso prévio.
GUIA DE RESOLUÇÃO DE PROBLEMAS
Caso este aparelho apresente um problema, verifique as seguintes soluções antes de contactar um técnico:
Não funciona
• Certifique-se de que o aparelho esteja conectado à uma tomada.
Sem som - Geral
• O nível de volume do dispositivo externo está no mínimo; aumente o volume.
• O nível de volume do M-1935DJ está no mínimo; aumente o volume.
O dispositivo Bluetooth não consegue parear ou conectar ao aparelho.
• Você não ativou a função de Bluetooth do seu dispositivo. Consulte o manual de instruções do seu dispositivo para ativar a função de Bluetooth.
• O aparelho não está no modo de pareamento. Mantenha o botão ▶|| pressionado até que o indicador comece a piscar rapidamente.
• O aparelho já está conectado a outro dispositivo com Bluetooth; desconecte esse dispositivo e tente novamente.
NSTRUÇÕES DE SEGURANÇA
CAUTION
RISK OF ELECTRIC SHOCK DO NOT OPEN
ATENÇÃO: Para reduzir o risco de choque eléctrico, não desmonte o aparelho. O aparelho não contém qualquer peça passível de ser reparada pelo utilizador. Confie todas as operações de manutenção a um técnico qualificado.
O símbolo do relâmpago com uma seta e situado no interior de um triângulo destina-se a alertar o utilizador para a presença de uma "tensão perigosa" no aparelho.
O ponto de exclamação no interior de um triângulo destina-se a alertar o utilizador para a presença de instruções importantes no manual que acompanha o aparelho.
O símbolo de Cuidado é encontrado na parte de trás do dispositivo.
ATENÇÃO
- Utilize este aparelho num clima temperado.
- A placa de características situa-se na parte de trás deste aparelho.
- Certifique-se de que respeita uma distância mínima de 5 cm à volta do aparelho de modo a permitir uma ventilação suficiente.
- Certifique-se de que garante uma ventilação correcta do aparelho e que não tapa os orifícios de ventilação com objectos como jornais, toalhas, cortinas, etc.
- Não coloque qualquer fonte de calor, como uma vela acesa, sobre ou na proximidade do aparelho.
- Não exponha o aparelho a salpicos ou a humidade.
- Não coloque objectos que contenham líquido, como uma jarra, sobre ou na proximidade do aparelho.
- Não deite as pilhas no fogo! Certifique-se de que respeita o ambiente quando eliminar pilhas gastas.
- Não exponha as pilhas a calor excessivo, como raios do sol, fogo ou outras fontes de calor semelhantes.
- A ficha de alimentação é utilizada como dispositivo de desligamento e deve ficar facilmente acessível. Para cortar a alimentação do aparelho, desligue de vez a ficha de alimentação de rede da tomada de rede. A ficha de alimentação de rede não pode estar tapada e deve ser facilmente acessível durante a utilização.
- Sob o efeito de fenómenos electrostáticos e/ou transitórios eléctricos rápidos, o produto pode apresentar anomalias e pode ser necessário proceder-se a uma reinicialização.
Caso pretenda desfazer-se deste aparelho, proceda à sua reciclagem num centro de recolha para electrodomésticos. Procure obter informações sobre o centro de reciclagem mais próximo, informe-se junto das autoridades locais ou do seu revendedor local para a obtenção de pormenores adicionais (Directiva sobre os Resíduos dos Equipamentos Eléctricos e Electrónicos).
NEW ONE S.A.S
10, Rue de la Mission, 25480 École Valentin, France
CE
DE PARTY-LAUTSPRECHER MIT BLUETOOTH-FUNKTION
BESCHREIBUNG DES GERÄTS
GERÄT
1. Eingang MIC. 1
2. Eingang MIC. 2
3. Eingangsbuchse AUX IN
4. USB CHARGE-port
5. USB MP3-port
6. Taste REPEAT ⟳
7. Taste PREV / |◀◀ (Vorangehender titel)
8. Taste ▶|| (Wiedergabe/ Pause/ Trennen der Bluetooth-Verbindung)
9. Taste NEXT / ▶▶| (Nächster titel)
10. Taste MUTE: Aktivieren/ Deaktivieren des Tons
11. Taste MIC. FIRST
12. ◬ Modus-Taste für vordere Beleuchtung
13. ◬ Modus-Taste für Lautsprecherbeleuchtung
14. Regler MIC. ECHO
15. Regler MIC. VOL
16. Taste MEGA BASS: Zur Verbesserung der Bass-Leistung
17. Taste ⏻ / M (Einschalten&Ausschalt/ Modus)
18. Taste TONE: Zum Einstellen von Tief-/ Hochton
19. Taste EQ: Toneffekt auswählen
20. Regler VOL
21. Anzeige
22. Vordere Farbbeleuchtung
23. Hochtonlautsprecher
24. Lautsprecher
25. Rückseitiger Griff
26. Eingang für Netzstromkabel
27. ON/OFF-Schalter (Ein-/ Aus- Schalter)
28. Räder
FERNBEDIENUNG
R1. Taste ⏻: (Einschalten&Weiterschalt
R2. FACE LIGHT: Taste für vordere Beleuchtung
R3. Taste MUTE: Aktivieren / Deaktivieren des Tons
R4. Taste M.FIRST
R5. BASS: Bass einstellen
R6. VOL-/VOL+: Zur Einstellung der Master-Lautstärke
R7. ▶▶
R8. |◀◀
R9. ▶|| : Wiedergabe / pause
R10. ◀◀
R11. EQ: Toneffekt auswählen
R12. 0-9 Zifferntasten
R13. ▭: Funktionsmodus auswählen: Bluetooth, USB, AUX.
R14. SPK.LIGHT: Modus-Taste für Lautsprecherbeleuchtung
R15. TREBLE: Treble einstellen
R16. ▶▶|
R17. M.BASS: Zur Verbesserung der Bass-Leistung
R18. UNPAIR: Trennen der Bluetooth-Verbindung
R19. REPEAT: Wiederholte Wiedergabe
EINLEGEN DER BATTERIEN
Legen Sie 2 AAA/UM4-Batterien in die Fernbedienung ein, bevor Sie diese benutzen. Achten Sie dabei auf die Polaritätsangaben (+/-) im Batteriefach.
Werfen Sie leere Batterien nicht in den Hausmüll, sondern geben Sie sie bei einer Sammelstelle oder bei Ihrem Händler ab.
HINWEISE:
- Verbrauchen Sie nicht, nicht aufladbare Batterien aufzuladen. Erhitzen Sie Batterien nicht, demontieren Sie sie nicht.
- Wenn Sie die Fernbedienung während längerer Zeit nicht verwenden, entfernen Sie ihre Batterie, um Schäden durch Auslaufen der Batterien zu vermeiden.
- Entsorgen Sie leere Batterien umweltgerecht.
- Werfen Sie Batterien nicht ins Feuer!
- Batterien dürfen keiner übermäßigen Hitze ausgesetzt werden (wie zum Beispiel praller Sonne, Feuer oder anderen ähnlichen Hitzequellen).
ACHTUNG: Wenn die Batterie nicht richtig eingelegt wird, besteht die Gefahr, dass die Batterie explodiert. Ersetzen Sie eine leere Batterie nur mit einer identischen oder gleichwertigen Batterie.
STROMVERSORGUNG
1. Schließen Sie das abnehmbare Stromkabel (wird mitgeliefert) an den Stromeingang an, der sich an der Rückseite des Geräts befindet.
2. Schließen Sie das Stromkabel an eine Steckdose mit AC 100-240V ~ 50/60Hz V an.
SP-5001-DI MUSE 001 REV0.indd 1	2019/01/22 8:24:59
